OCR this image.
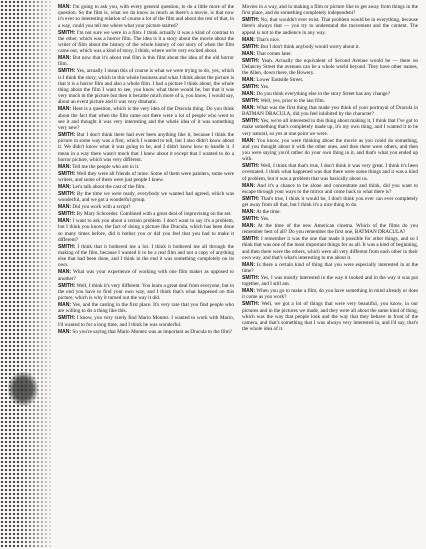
MAN: I'm going to ask you, with every general question, to do a little more of the question. So the film is, what we do know as much as there's a movie, is that now it's ever so interesting relation of course a lot of the film and about the rest of that, in a way, could you tell me where what your picture started?

SMITH: I'm not sure we were in a film. I think actually it was a kind of contrast to the other, which was a horror film. The idea is it a story about the movie about the writer of film about the history of the whole history of our story of when the film came out, which was a kind of story, I think, where we're very excited about.

MAN: But now that it's about real film is this film about the idea of the old horror film.

SMITH: Yes, actually I mean this of course is what we were trying to do, yes, which is I think the story, which in this whole business and what I think about the picture is that it is a horror film and also a whole film. I had a picture I think about, the whole thing about the film I want to see, you know what there would be, but that it was very much in the picture but then it became much more of a, you know, I would say, about an event picture and it was very dramatic.

MAN: Here is a question, which is the very idea of the Dracula thing. Do you think about the fact that when the film came out there were a lot of people who went to see it and thought it was very interesting and the whole idea of it was something very new?

SMITH: But I don't think there had ever been anything like it, because I think the picture in some way was a first, which I wanted to tell, but I also didn't know about it. We didn't know what it was going to be, and I didn't know how to handle it. I mean in a way there wasn't much that I knew about it except that I wanted to do a horror picture, which was very different.

MAN: Tell me the people who are in it.

SMITH: Well they were all friends of mine. Some of them were painters, some were writers, and some of them were just people I knew.

MAN: Let's talk about the cast of the film.

SMITH: By the time we were ready, everybody we wanted had agreed, which was wonderful, and we got a wonderful group.

MAN: Did you work with a script?

SMITH: By Mary Schroeder. Combined with a great deal of improvising on the set.

MAN: I want to ask you about a certain problem. I don't want to say it's a problem, but I think you know, the fact of doing a picture like Dracula, which has been done so many times before, did it bother you or did you feel that you had to make it different?

SMITH: I think that it bothered me a lot. I think it bothered me all through the making of the film, because I wanted it to be a real film and not a copy of anything else that had been done, and I think in the end it was something completely on its own.

MAN: What was your experience of working with one film maker as opposed to another?

SMITH: Well, I think it's very different. You learn a great deal from everyone, but in the end you have to find your own way, and I think that's what happened on this picture, which is why it turned out the way it did.

MAN: Yes, and the casting in the first place. It's very rare that you find people who are willing to do a thing like this.

SMITH: I know, you very rarely find Mario Montez. I wanted to work with Mario, I'd wanted to for a long time, and I think he was wonderful.

MAN: So you're saying that Mario Montez was as important as Dracula to the film?

Movies in a way, and in making a film or picture like to get away from things in the first place, and do something completely independent?

SMITH: No, that wouldn't ever exist. That problem would be in everything, because there's always that — you try to understand the movement and the content. The appeal is not to the audience in any way.

MAN: That's nice.

SMITH: But I don't think anybody would worry about it.

MAN: That comes later.

SMITH: Yeah. Actually the equivalent of Second Avenue would be — there on Delancey Street the avenues can be a whole world beyond. They have other names, the Allen, down there, the Bowery.

MAN: Lower Eastside Street.

SMITH: Yes.

MAN: Do you think everything else in the story Street has any change?

SMITH: Well, yes, prior to the last film.

MAN: What was the first thing that made you think of your portrayal of Dracula in BATMAN DRACULA, did you feel inhibited by the character?

SMITH: Yes, we're all interested in this thing about making it, I think that I've got to make something that's completely made up, it's my own thing, and I wanted it to be very natural, so yes at one point we were.

MAN: You know, you were thinking about the movie as you could do something, and you thought about it with the other ones, and then there were others, and then you were saying you'd rather do your own thing in it, and that's what you ended up with.

SMITH: Well, I think that that's true, I don't think it was very great. I think it's been overstated. I think what happened was that there were some things and it was a kind of problem, but it was a problem that was basically about us.

MAN: And it's a chance to be alone and concentrate and think, did you want to escape through your ways to the mirror and come back to what there is?

SMITH: That's true, I think it would be, I don't think you ever can ever completely get away from all that, but I think it's a nice thing to do.

MAN: At the time.

SMITH: Yes.

MAN: At the time of the new American cinema. Which of the films do you remember best of all? Do you remember the first one, BATMAN DRACULA?

SMITH: I remember it was the one that made it possible for other things, and so I think that was one of the most important things for us all. It was a kind of beginning, and then there were the others, which were all very different from each other in their own way, and that's what's interesting to me about it.

MAN: Is there a certain kind of thing that you were especially interested in at the time?

SMITH: Yes, I was mostly interested in the way it looked and in the way it was put together, and I still am.

MAN: When you go to make a film, do you have something in mind already or does it come as you work?

SMITH: Well, we got a lot of things that were very beautiful, you know, in our pictures and in the pictures we made, and they were all about the same kind of thing, which was the way that people look and the way that they behave in front of the camera, and that's something that I was always very interested in, and I'd say, that's the whole idea of it.
